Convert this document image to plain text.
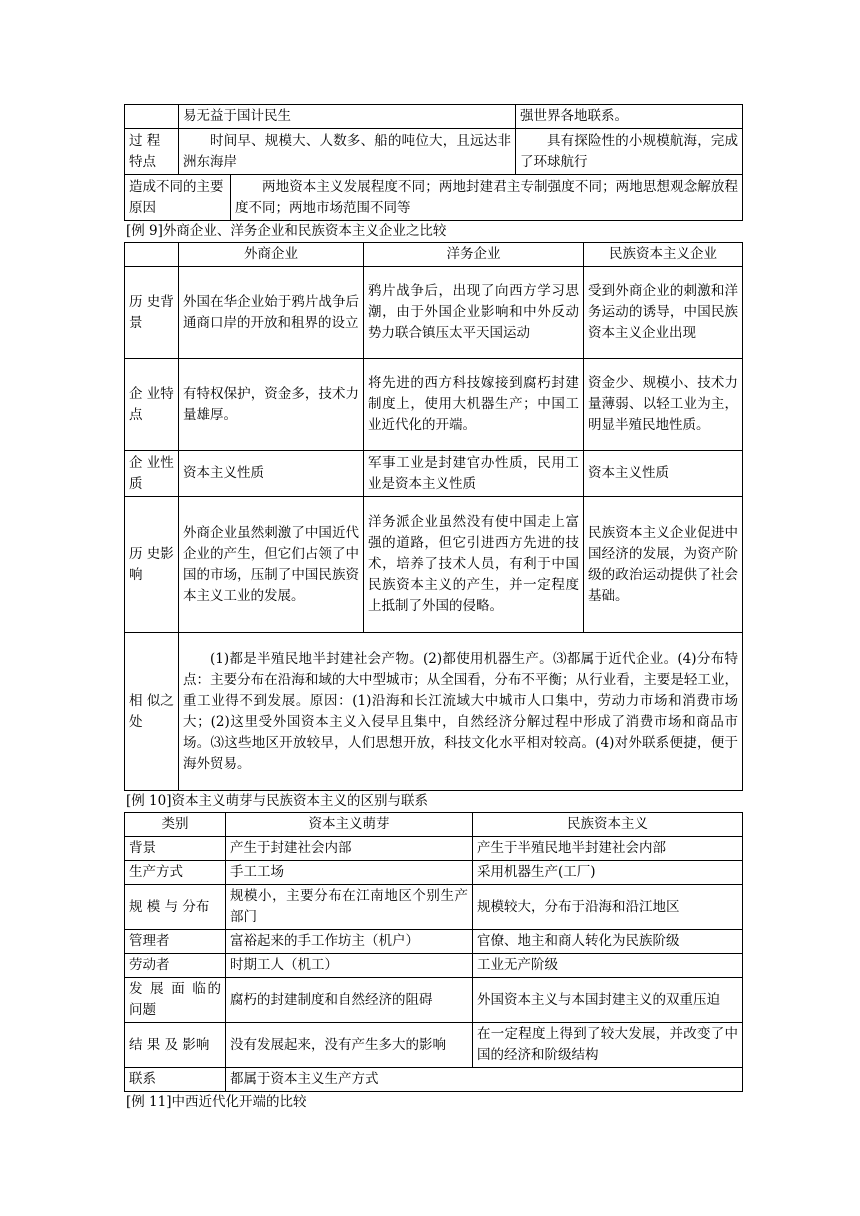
	易无益于国计民生		强世界各地联系。
过 程 特点	时间早、规模大、人数多、船的吨位大，且远达非洲东海岸		具有探险性的小规模航海，完成了环球航行
造成不同的主要原因		两地资本主义发展程度不同；两地封建君主专制强度不同；两地思想观念解放程度不同；两地市场范围不同等	
[例 9]外商企业、洋务企业和民族资本主义企业之比较
	外商企业	洋务企业	民族资本主义企业
历 史背景	外国在华企业始于鸦片战争后通商口岸的开放和租界的设立	鸦片战争后，出现了向西方学习思潮，由于外国企业影响和中外反动势力联合镇压太平天国运动	受到外商企业的刺激和洋务运动的诱导，中国民族资本主义企业出现
企 业特点	有特权保护，资金多，技术力量雄厚。	将先进的西方科技嫁接到腐朽封建制度上，使用大机器生产；中国工业近代化的开端。	资金少、规模小、技术力量薄弱、以轻工业为主，明显半殖民地性质。
企 业性质	资本主义性质	军事工业是封建官办性质，民用工业是资本主义性质	资本主义性质
历 史影响	外商企业虽然刺激了中国近代企业的产生，但它们占领了中国的市场，压制了中国民族资本主义工业的发展。	洋务派企业虽然没有使中国走上富强的道路，但它引进西方先进的技术，培养了技术人员，有利于中国民族资本主义的产生，并一定程度上抵制了外国的侵略。	民族资本主义企业促进中国经济的发展，为资产阶级的政治运动提供了社会基础。
相 似之处	(1)都是半殖民地半封建社会产物。(2)都使用机器生产。⑶都属于近代企业。(4)分布特点：主要分布在沿海和域的大中型城市；从全国看，分布不平衡；从行业看，主要是轻工业，重工业得不到发展。原因：(1)沿海和长江流域大中城市人口集中，劳动力市场和消费市场大；(2)这里受外国资本主义入侵早且集中，自然经济分解过程中形成了消费市场和商品市场。⑶这些地区开放较早，人们思想开放，科技文化水平相对较高。(4)对外联系便捷，便于海外贸易。		
[例 10]资本主义萌芽与民族资本主义的区别与联系
类别	资本主义萌芽	民族资本主义
背景	产生于封建社会内部	产生于半殖民地半封建社会内部
生产方式	手工工场	采用机器生产(工厂)
规 模 与 分布	规模小，主要分布在江南地区个别生产部门	规模较大，分布于沿海和沿江地区
管理者	富裕起来的手工作坊主（机户）	官僚、地主和商人转化为民族阶级
劳动者	时期工人（机工）	工业无产阶级
发 展 面 临的问题	腐朽的封建制度和自然经济的阻碍	外国资本主义与本国封建主义的双重压迫
结 果 及 影响	没有发展起来，没有产生多大的影响	在一定程度上得到了较大发展，并改变了中国的经济和阶级结构
联系	都属于资本主义生产方式	
[例 11]中西近代化开端的比较
